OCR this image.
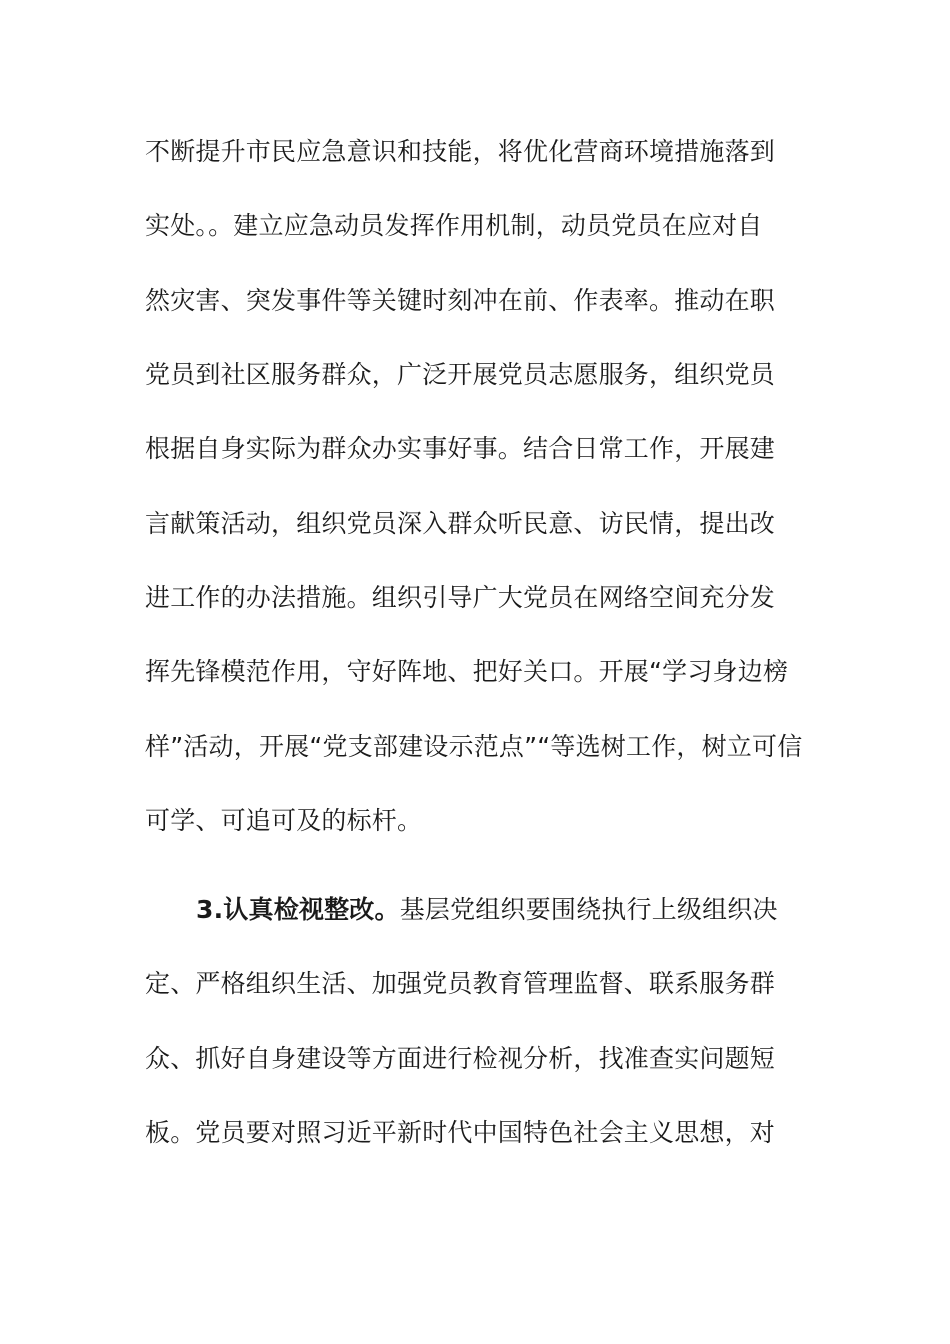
不断提升市民应急意识和技能，将优化营商环境措施落到
实处。。建立应急动员发挥作用机制，动员党员在应对自
然灾害、突发事件等关键时刻冲在前、作表率。推动在职
党员到社区服务群众，广泛开展党员志愿服务，组织党员
根据自身实际为群众办实事好事。结合日常工作，开展建
言献策活动，组织党员深入群众听民意、访民情，提出改
进工作的办法措施。组织引导广大党员在网络空间充分发
挥先锋模范作用，守好阵地、把好关口。开展“学习身边榜
样”活动，开展“党支部建设示范点”“等选树工作，树立可信
可学、可追可及的标杆。
3.认真检视整改。基层党组织要围绕执行上级组织决
定、严格组织生活、加强党员教育管理监督、联系服务群
众、抓好自身建设等方面进行检视分析，找准查实问题短
板。党员要对照习近平新时代中国特色社会主义思想，对
